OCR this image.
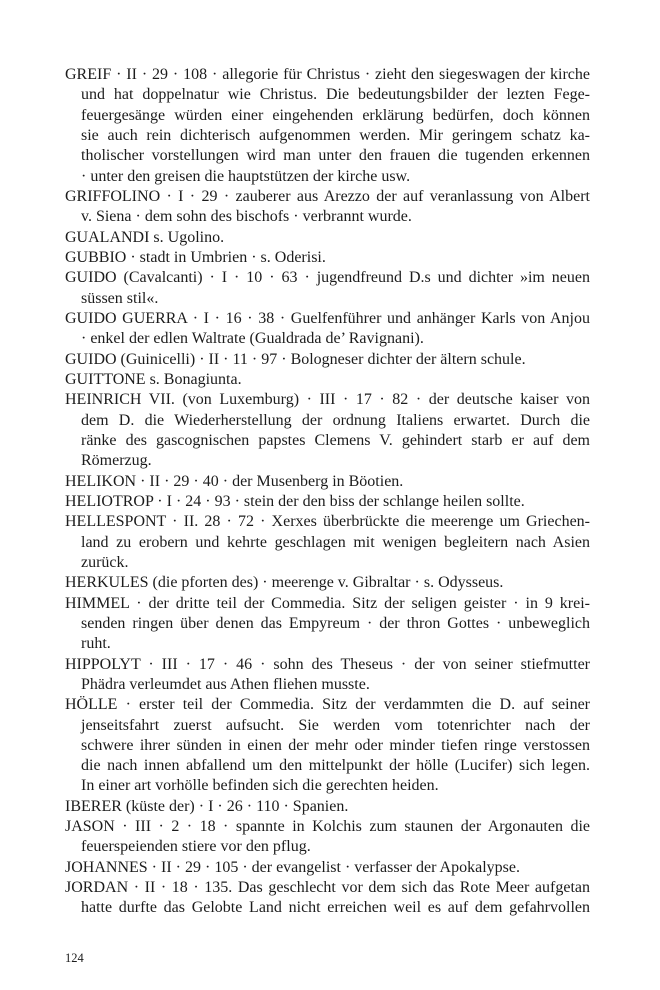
GREIF · II · 29 · 108 · allegorie für Christus · zieht den siegeswagen der kirche
und hat doppelnatur wie Christus. Die bedeutungsbilder der lezten Fege-
feuergesänge würden einer eingehenden erklärung bedürfen, doch können
sie auch rein dichterisch aufgenommen werden. Mir geringem schatz ka-
tholischer vorstellungen wird man unter den frauen die tugenden erkennen
· unter den greisen die hauptstützen der kirche usw.
GRIFFOLINO · I · 29 · zauberer aus Arezzo der auf veranlassung von Albert
v. Siena · dem sohn des bischofs · verbrannt wurde.
GUALANDI s. Ugolino.
GUBBIO · stadt in Umbrien · s. Oderisi.
GUIDO (Cavalcanti) · I · 10 · 63 · jugendfreund D.s und dichter »im neuen
süssen stil«.
GUIDO GUERRA · I · 16 · 38 · Guelfenführer und anhänger Karls von Anjou
· enkel der edlen Waltrate (Gualdrada de’ Ravignani).
GUIDO (Guinicelli) · II · 11 · 97 · Bologneser dichter der ältern schule.
GUITTONE s. Bonagiunta.
HEINRICH VII. (von Luxemburg) · III · 17 · 82 · der deutsche kaiser von
dem D. die Wiederherstellung der ordnung Italiens erwartet. Durch die
ränke des gascognischen papstes Clemens V. gehindert starb er auf dem
Römerzug.
HELIKON · II · 29 · 40 · der Musenberg in Böotien.
HELIOTROP · I · 24 · 93 · stein der den biss der schlange heilen sollte.
HELLESPONT · II. 28 · 72 · Xerxes überbrückte die meerenge um Griechen-
land zu erobern und kehrte geschlagen mit wenigen begleitern nach Asien
zurück.
HERKULES (die pforten des) · meerenge v. Gibraltar · s. Odysseus.
HIMMEL · der dritte teil der Commedia. Sitz der seligen geister · in 9 krei-
senden ringen über denen das Empyreum · der thron Gottes · unbeweglich
ruht.
HIPPOLYT · III · 17 · 46 · sohn des Theseus · der von seiner stiefmutter
Phädra verleumdet aus Athen fliehen musste.
HÖLLE · erster teil der Commedia. Sitz der verdammten die D. auf seiner
jenseitsfahrt zuerst aufsucht. Sie werden vom totenrichter nach der
schwere ihrer sünden in einen der mehr oder minder tiefen ringe verstossen
die nach innen abfallend um den mittelpunkt der hölle (Lucifer) sich legen.
In einer art vorhölle befinden sich die gerechten heiden.
IBERER (küste der) · I · 26 · 110 · Spanien.
JASON · III · 2 · 18 · spannte in Kolchis zum staunen der Argonauten die
feuerspeienden stiere vor den pflug.
JOHANNES · II · 29 · 105 · der evangelist · verfasser der Apokalypse.
JORDAN · II · 18 · 135. Das geschlecht vor dem sich das Rote Meer aufgetan
hatte durfte das Gelobte Land nicht erreichen weil es auf dem gefahrvollen
124
